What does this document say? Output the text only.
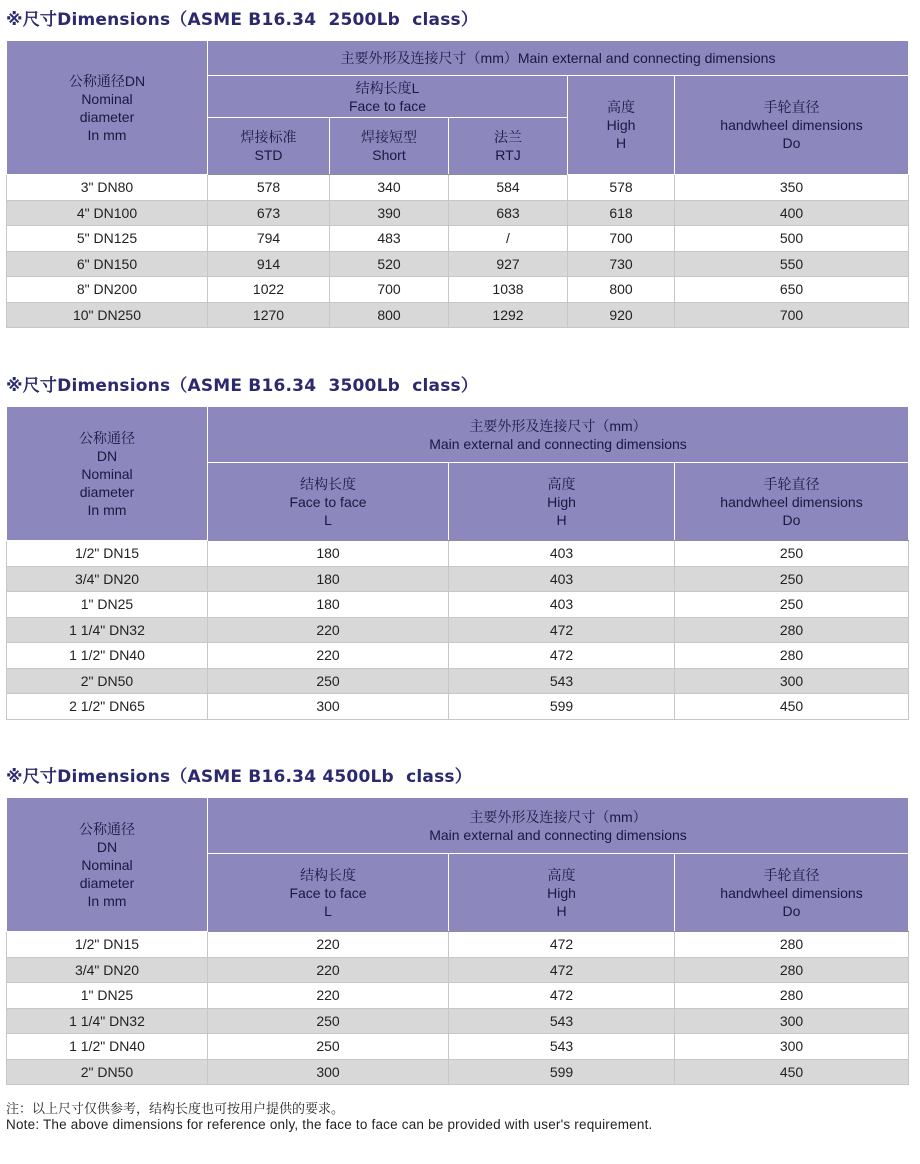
※尺寸Dimensions（ASME B16.34  2500Lb  class）
公称通径DN
Nominal
diameter
In mm	主要外形及连接尺寸（mm）Main external and connecting dimensions				
	结构长度L
Face to face			高度
High
H	手轮直径
handwheel dimensions
Do
	焊接标准
STD	焊接短型
Short	法兰
RTJ		
3" DN80	578	340	584	578	350
4" DN100	673	390	683	618	400
5" DN125	794	483	/	700	500
6" DN150	914	520	927	730	550
8" DN200	1022	700	1038	800	650
10" DN250	1270	800	1292	920	700
※尺寸Dimensions（ASME B16.34  3500Lb  class）
公称通径
DN
Nominal
diameter
In mm	主要外形及连接尺寸（mm）
Main external and connecting dimensions		
	结构长度
Face to face
L	高度
High
H	手轮直径
handwheel dimensions
Do
1/2" DN15	180	403	250
3/4" DN20	180	403	250
1" DN25	180	403	250
1 1/4" DN32	220	472	280
1 1/2" DN40	220	472	280
2" DN50	250	543	300
2 1/2" DN65	300	599	450
※尺寸Dimensions（ASME B16.34 4500Lb  class）
公称通径
DN
Nominal
diameter
In mm	主要外形及连接尺寸（mm）
Main external and connecting dimensions		
	结构长度
Face to face
L	高度
High
H	手轮直径
handwheel dimensions
Do
1/2" DN15	220	472	280
3/4" DN20	220	472	280
1" DN25	220	472	280
1 1/4" DN32	250	543	300
1 1/2" DN40	250	543	300
2" DN50	300	599	450
注：以上尺寸仅供参考，结构长度也可按用户提供的要求。
Note: The above dimensions for reference only, the face to face can be provided with user's requirement.
